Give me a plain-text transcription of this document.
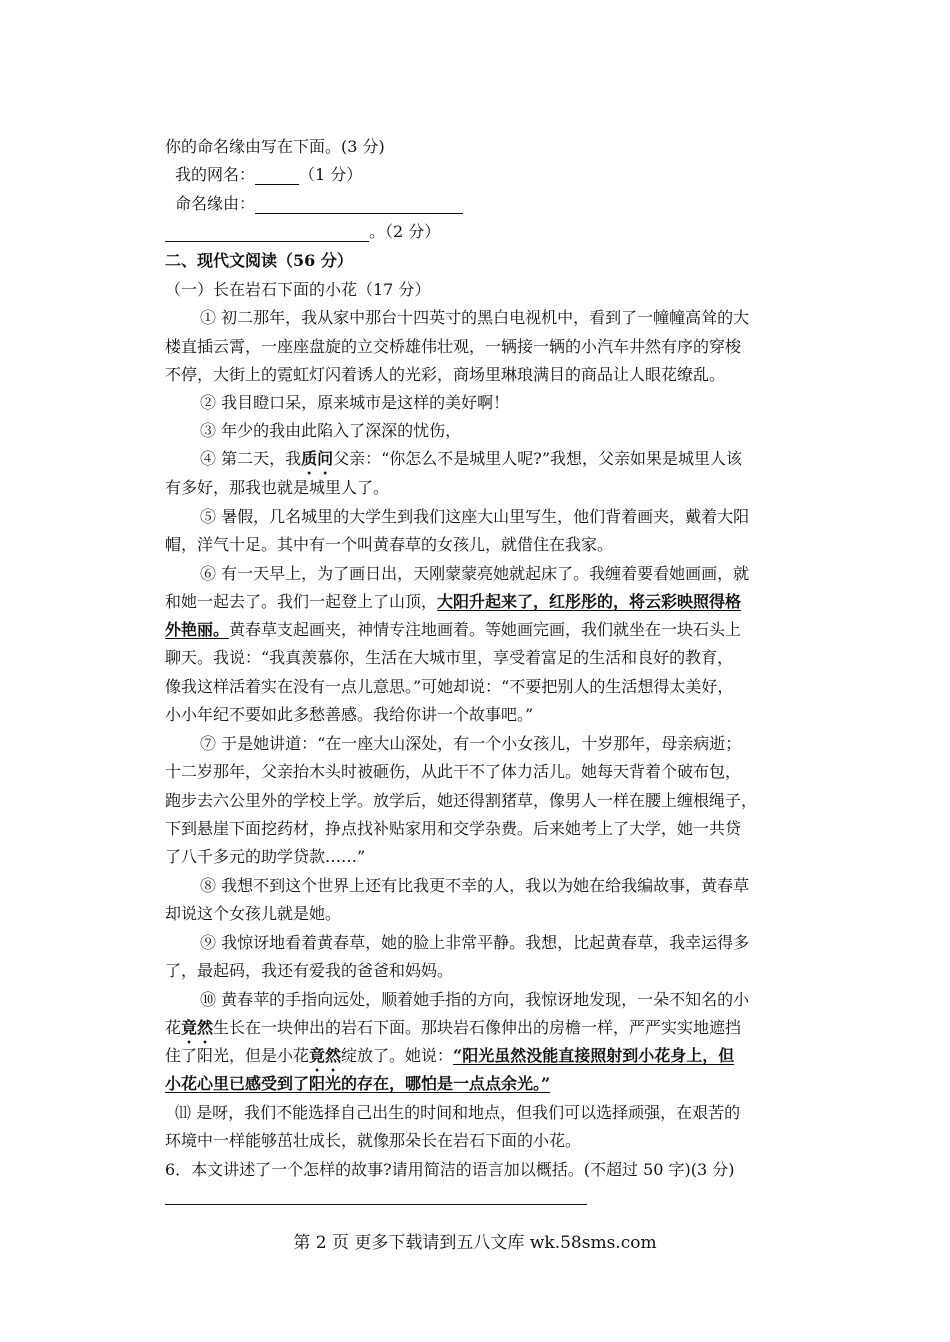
你的命名缘由写在下面。(3 分)
我的网名：	（1 分）
命名缘由：
。（2 分）
二、现代文阅读（56 分）
（一）长在岩石下面的小花（17 分）
① 初二那年，我从家中那台十四英寸的黑白电视机中，看到了一幢幢高耸的大
楼直插云霄，一座座盘旋的立交桥雄伟壮观，一辆接一辆的小汽车井然有序的穿梭
不停，大街上的霓虹灯闪着诱人的光彩，商场里琳琅满目的商品让人眼花缭乱。
② 我目瞪口呆，原来城市是这样的美好啊！
③ 年少的我由此陷入了深深的忧伤，
④ 第二天，我质问父亲：“你怎么不是城里人呢?”我想，父亲如果是城里人该
有多好，那我也就是城里人了。
⑤ 暑假，几名城里的大学生到我们这座大山里写生，他们背着画夹，戴着大阳
帽，洋气十足。其中有一个叫黄春草的女孩儿，就借住在我家。
⑥ 有一天早上，为了画日出，天刚蒙蒙亮她就起床了。我缠着要看她画画，就
和她一起去了。我们一起登上了山顶，大阳升起来了，红彤彤的，将云彩映照得格
外艳丽。黄春草支起画夹，神情专注地画着。等她画完画，我们就坐在一块石头上
聊天。我说：“我真羡慕你，生活在大城市里，享受着富足的生活和良好的教育，
像我这样活着实在没有一点儿意思。”可她却说：“不要把别人的生活想得太美好，
小小年纪不要如此多愁善感。我给你讲一个故事吧。”
⑦ 于是她讲道：“在一座大山深处，有一个小女孩儿，十岁那年，母亲病逝；
十二岁那年，父亲抬木头时被砸伤，从此干不了体力活儿。她每天背着个破布包，
跑步去六公里外的学校上学。放学后，她还得割猪草，像男人一样在腰上缠根绳子，
下到悬崖下面挖药材，挣点找补贴家用和交学杂费。后来她考上了大学，她一共贷
了八千多元的助学贷款……”
⑧ 我想不到这个世界上还有比我更不幸的人，我以为她在给我编故事，黄春草
却说这个女孩儿就是她。
⑨ 我惊讶地看着黄春草，她的脸上非常平静。我想，比起黄春草，我幸运得多
了，最起码，我还有爱我的爸爸和妈妈。
⑩ 黄春苹的手指向远处，顺着她手指的方向，我惊讶地发现，一朵不知名的小
花竟然生长在一块伸出的岩石下面。那块岩石像伸出的房檐一样，严严实实地遮挡
住了阳光，但是小花竟然绽放了。她说：“阳光虽然没能直接照射到小花身上，但
小花心里已感受到了阳光的存在，哪怕是一点点余光。”
⑾ 是呀，我们不能选择自己出生的时间和地点，但我们可以选择顽强，在艰苦的
环境中一样能够茁壮成长，就像那朵长在岩石下面的小花。
6．本文讲述了一个怎样的故事?请用简洁的语言加以概括。(不超过 50 字)(3 分)
第 2 页 更多下载请到五八文库 wk.58sms.com
